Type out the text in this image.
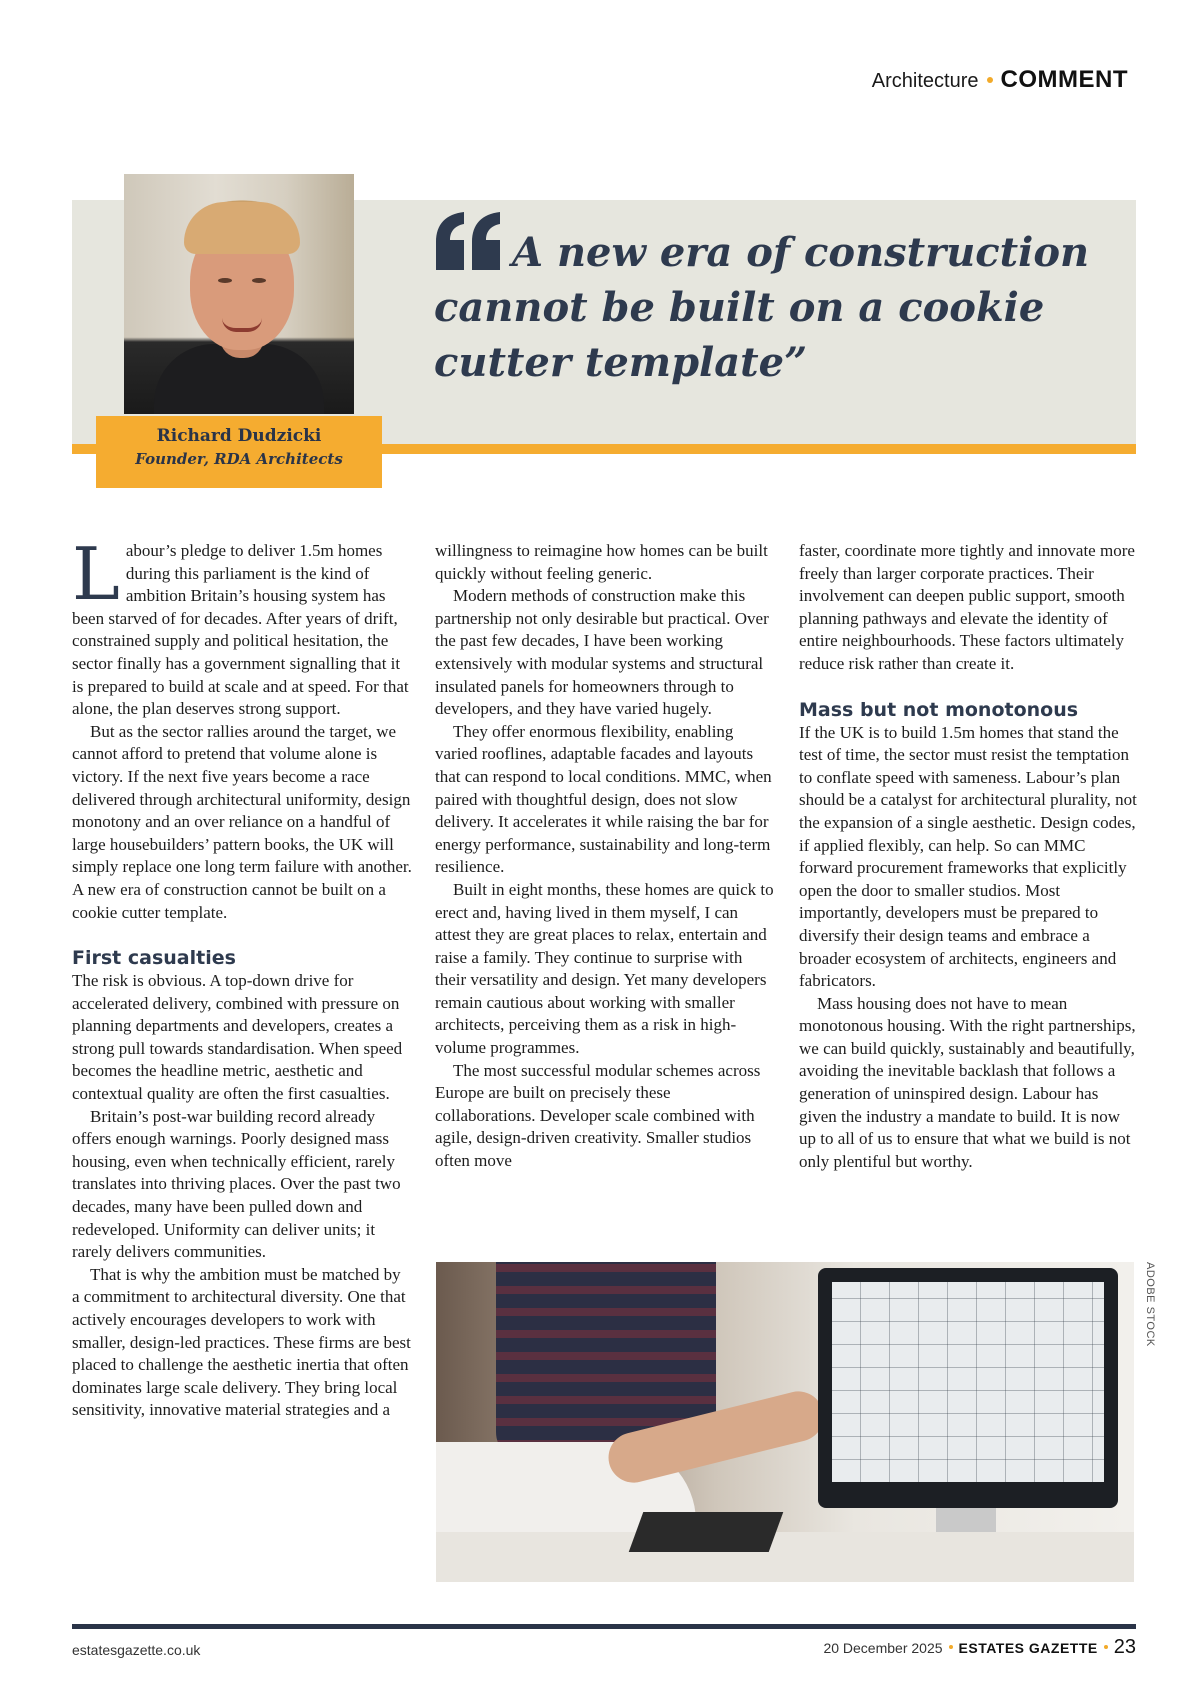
Architecture COMMENT
Richard Dudzicki
Founder, RDA Architects
A new era of construction cannot be built on a cookie cutter template”

Labour’s pledge to deliver 1.5m homes during this parliament is the kind of ambition Britain’s housing system has been starved of for decades. After years of drift, constrained supply and political hesitation, the sector finally has a government signalling that it is prepared to build at scale and at speed. For that alone, the plan deserves strong support.

But as the sector rallies around the target, we cannot afford to pretend that volume alone is victory. If the next five years become a race delivered through architectural uniformity, design monotony and an over reliance on a handful of large housebuilders’ pattern books, the UK will simply replace one long term failure with another. A new era of construction cannot be built on a cookie cutter template.

First casualties

The risk is obvious. A top-down drive for accelerated delivery, combined with pressure on planning departments and developers, creates a strong pull towards standardisation. When speed becomes the headline metric, aesthetic and contextual quality are often the first casualties.

Britain’s post-war building record already offers enough warnings. Poorly designed mass housing, even when technically efficient, rarely translates into thriving places. Over the past two decades, many have been pulled down and redeveloped. Uniformity can deliver units; it rarely delivers communities.

That is why the ambition must be matched by a commitment to architectural diversity. One that actively encourages developers to work with smaller, design-led practices. These firms are best placed to challenge the aesthetic inertia that often dominates large scale delivery. They bring local sensitivity, innovative material strategies and a

willingness to reimagine how homes can be built quickly without feeling generic.

Modern methods of construction make this partnership not only desirable but practical. Over the past few decades, I have been working extensively with modular systems and structural insulated panels for homeowners through to developers, and they have varied hugely.

They offer enormous flexibility, enabling varied rooflines, adaptable facades and layouts that can respond to local conditions. MMC, when paired with thoughtful design, does not slow delivery. It accelerates it while raising the bar for energy performance, sustainability and long-term resilience.

Built in eight months, these homes are quick to erect and, having lived in them myself, I can attest they are great places to relax, entertain and raise a family. They continue to surprise with their versatility and design. Yet many developers remain cautious about working with smaller architects, perceiving them as a risk in high-volume programmes.

The most successful modular schemes across Europe are built on precisely these collaborations. Developer scale combined with agile, design-driven creativity. Smaller studios often move

faster, coordinate more tightly and innovate more freely than larger corporate practices. Their involvement can deepen public support, smooth planning pathways and elevate the identity of entire neighbourhoods. These factors ultimately reduce risk rather than create it.

Mass but not monotonous

If the UK is to build 1.5m homes that stand the test of time, the sector must resist the temptation to conflate speed with sameness. Labour’s plan should be a catalyst for architectural plurality, not the expansion of a single aesthetic. Design codes, if applied flexibly, can help. So can MMC forward procurement frameworks that explicitly open the door to smaller studios. Most importantly, developers must be prepared to diversify their design teams and embrace a broader ecosystem of architects, engineers and fabricators.

Mass housing does not have to mean monotonous housing. With the right partnerships, we can build quickly, sustainably and beautifully, avoiding the inevitable backlash that follows a generation of uninspired design. Labour has given the industry a mandate to build. It is now up to all of us to ensure that what we build is not only plentiful but worthy.

ADOBE STOCK
estatesgazette.co.uk	20 December 2025 ESTATES GAZETTE 23
